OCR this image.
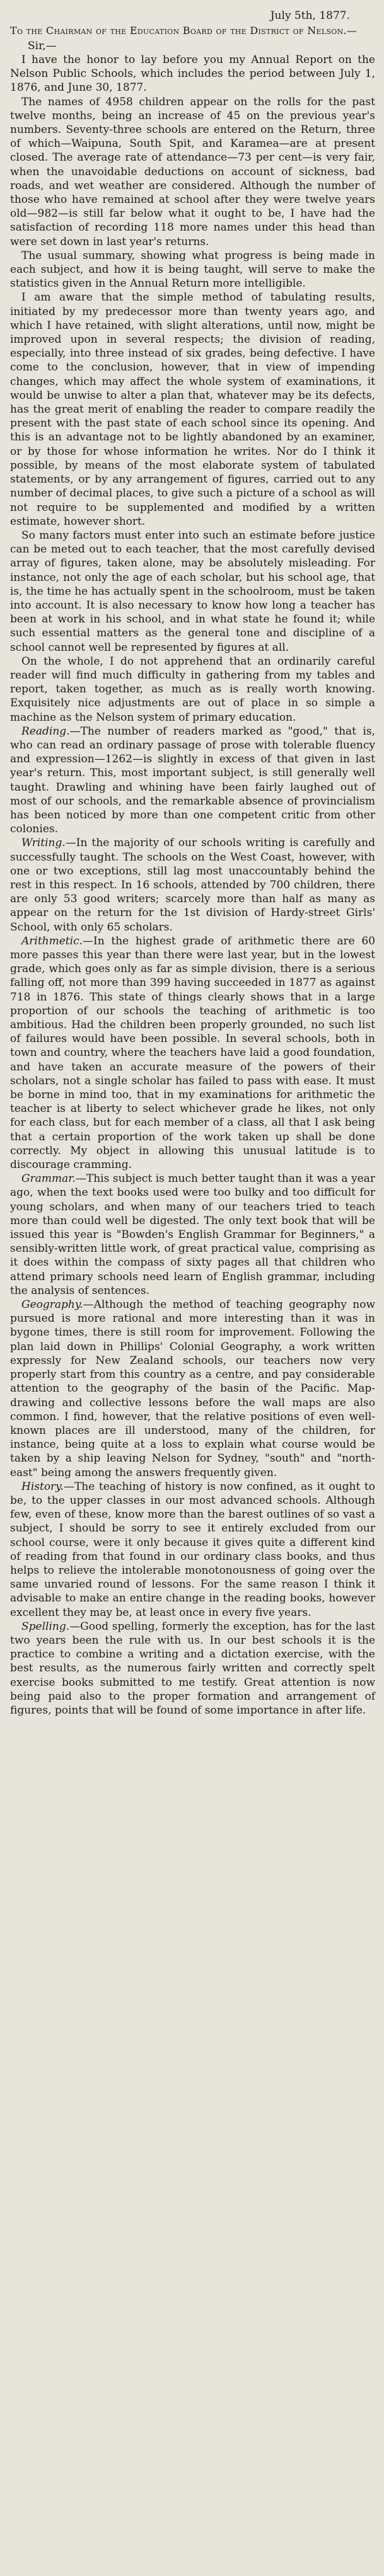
July 5th, 1877.
To the Chairman of the Education Board of the District of Nelson.—
Sir,—

I have the honor to lay before you my Annual Report on the Nelson Public Schools, which includes the period between July 1, 1876, and June 30, 1877.

The names of 4958 children appear on the rolls for the past twelve months, being an increase of 45 on the previous year's numbers. Seventy-three schools are entered on the Return, three of which—Waipuna, South Spit, and Karamea—are at present closed. The average rate of attendance—73 per cent—is very fair, when the unavoidable deductions on account of sickness, bad roads, and wet weather are considered. Although the number of those who have remained at school after they were twelve years old—982—is still far below what it ought to be, I have had the satisfaction of recording 118 more names under this head than were set down in last year's returns.

The usual summary, showing what progress is being made in each subject, and how it is being taught, will serve to make the statistics given in the Annual Return more intelligible.

I am aware that the simple method of tabulating results, initiated by my predecessor more than twenty years ago, and which I have retained, with slight alterations, until now, might be improved upon in several respects; the division of reading, especially, into three instead of six grades, being defective. I have come to the conclusion, however, that in view of impending changes, which may affect the whole system of examinations, it would be unwise to alter a plan that, whatever may be its defects, has the great merit of enabling the reader to compare readily the present with the past state of each school since its opening. And this is an advantage not to be lightly abandoned by an examiner, or by those for whose information he writes. Nor do I think it possible, by means of the most elaborate system of tabulated statements, or by any arrangement of figures, carried out to any number of decimal places, to give such a picture of a school as will not require to be supplemented and modified by a written estimate, however short.

So many factors must enter into such an estimate before justice can be meted out to each teacher, that the most carefully devised array of figures, taken alone, may be absolutely misleading. For instance, not only the age of each scholar, but his school age, that is, the time he has actually spent in the schoolroom, must be taken into account. It is also necessary to know how long a teacher has been at work in his school, and in what state he found it; while such essential matters as the general tone and discipline of a school cannot well be represented by figures at all.

On the whole, I do not apprehend that an ordinarily careful reader will find much difficulty in gathering from my tables and report, taken together, as much as is really worth knowing. Exquisitely nice adjustments are out of place in so simple a machine as the Nelson system of primary education.

Reading.—The number of readers marked as "good," that is, who can read an ordinary passage of prose with tolerable fluency and expression—1262—is slightly in excess of that given in last year's return. This, most important subject, is still generally well taught. Drawling and whining have been fairly laughed out of most of our schools, and the remarkable absence of provincialism has been noticed by more than one competent critic from other colonies.

Writing.—In the majority of our schools writing is carefully and successfully taught. The schools on the West Coast, however, with one or two exceptions, still lag most unaccountably behind the rest in this respect. In 16 schools, attended by 700 children, there are only 53 good writers; scarcely more than half as many as appear on the return for the 1st division of Hardy-street Girls' School, with only 65 scholars.

Arithmetic.—In the highest grade of arithmetic there are 60 more passes this year than there were last year, but in the lowest grade, which goes only as far as simple division, there is a serious falling off, not more than 399 having succeeded in 1877 as against 718 in 1876. This state of things clearly shows that in a large proportion of our schools the teaching of arithmetic is too ambitious. Had the children been properly grounded, no such list of failures would have been possible. In several schools, both in town and country, where the teachers have laid a good foundation, and have taken an accurate measure of the powers of their scholars, not a single scholar has failed to pass with ease. It must be borne in mind too, that in my examinations for arithmetic the teacher is at liberty to select whichever grade he likes, not only for each class, but for each member of a class, all that I ask being that a certain proportion of the work taken up shall be done correctly. My object in allowing this unusual latitude is to discourage cramming.

Grammar.—This subject is much better taught than it was a year ago, when the text books used were too bulky and too difficult for young scholars, and when many of our teachers tried to teach more than could well be digested. The only text book that will be issued this year is "Bowden's English Grammar for Beginners," a sensibly-written little work, of great practical value, comprising as it does within the compass of sixty pages all that children who attend primary schools need learn of English grammar, including the analysis of sentences.

Geography.—Although the method of teaching geography now pursued is more rational and more interesting than it was in bygone times, there is still room for improvement. Following the plan laid down in Phillips' Colonial Geography, a work written expressly for New Zealand schools, our teachers now very properly start from this country as a centre, and pay considerable attention to the geography of the basin of the Pacific. Map-drawing and collective lessons before the wall maps are also common. I find, however, that the relative positions of even well-known places are ill understood, many of the children, for instance, being quite at a loss to explain what course would be taken by a ship leaving Nelson for Sydney, "south" and "north-east" being among the answers frequently given.

History.—The teaching of history is now confined, as it ought to be, to the upper classes in our most advanced schools. Although few, even of these, know more than the barest outlines of so vast a subject, I should be sorry to see it entirely excluded from our school course, were it only because it gives quite a different kind of reading from that found in our ordinary class books, and thus helps to relieve the intolerable monotonousness of going over the same unvaried round of lessons. For the same reason I think it advisable to make an entire change in the reading books, however excellent they may be, at least once in every five years.

Spelling.—Good spelling, formerly the exception, has for the last two years been the rule with us. In our best schools it is the practice to combine a writing and a dictation exercise, with the best results, as the numerous fairly written and correctly spelt exercise books submitted to me testify. Great attention is now being paid also to the proper formation and arrangement of figures, points that will be found of some importance in after life.
